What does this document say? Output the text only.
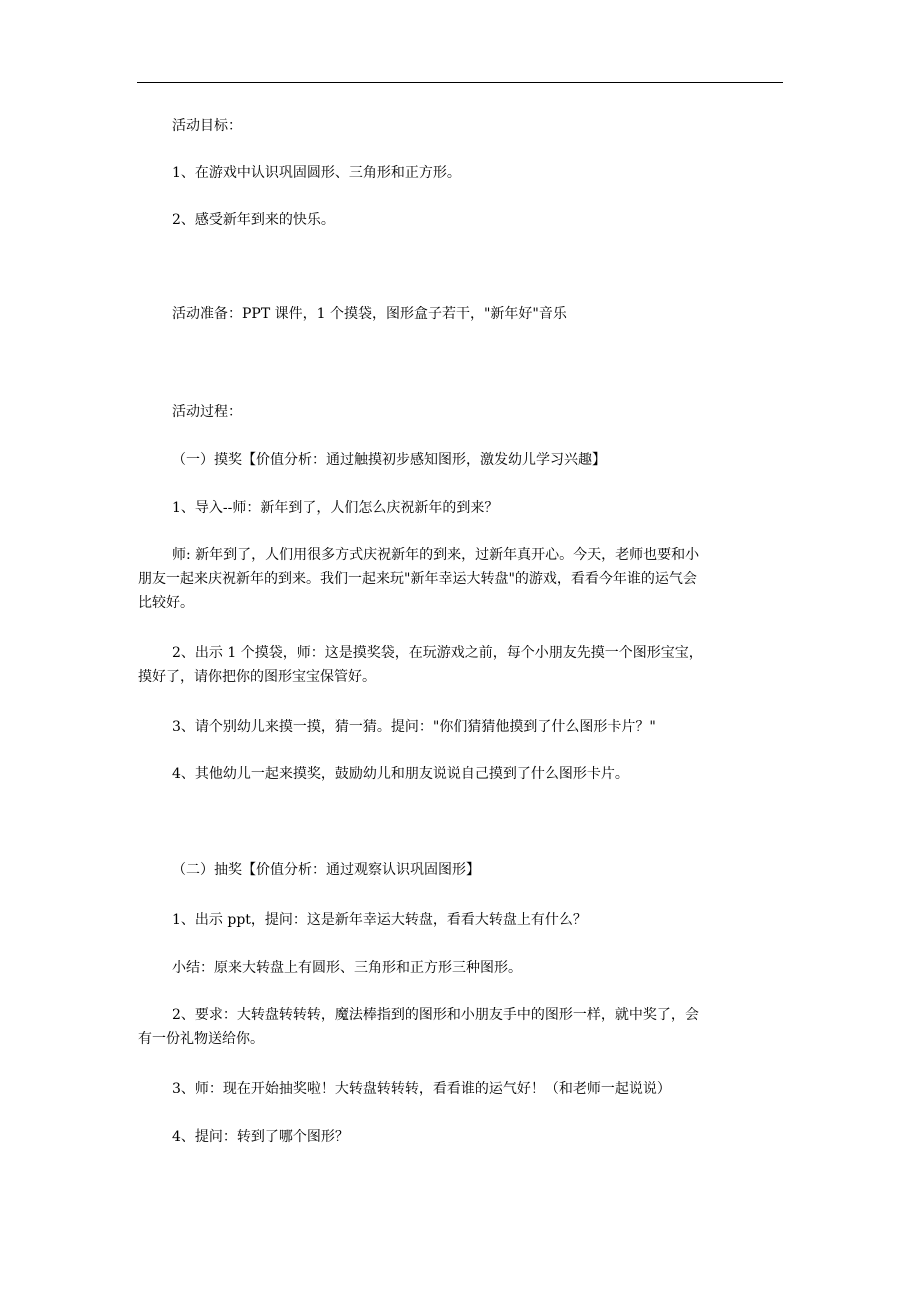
活动目标：
1、在游戏中认识巩固圆形、三角形和正方形。
2、感受新年到来的快乐。
活动准备：PPT 课件，1 个摸袋，图形盒子若干，"新年好"音乐
活动过程：
（一）摸奖【价值分析：通过触摸初步感知图形，激发幼儿学习兴趣】
1、导入--师：新年到了，人们怎么庆祝新年的到来？
师: 新年到了，人们用很多方式庆祝新年的到来，过新年真开心。今天，老师也要和小
朋友一起来庆祝新年的到来。我们一起来玩"新年幸运大转盘"的游戏，看看今年谁的运气会
比较好。
2、出示 1 个摸袋，师：这是摸奖袋，在玩游戏之前，每个小朋友先摸一个图形宝宝，
摸好了，请你把你的图形宝宝保管好。
3、请个别幼儿来摸一摸，猜一猜。提问："你们猜猜他摸到了什么图形卡片？"
4、其他幼儿一起来摸奖，鼓励幼儿和朋友说说自己摸到了什么图形卡片。
（二）抽奖【价值分析：通过观察认识巩固图形】
1、出示 ppt，提问：这是新年幸运大转盘，看看大转盘上有什么？
小结：原来大转盘上有圆形、三角形和正方形三种图形。
2、要求：大转盘转转转，魔法棒指到的图形和小朋友手中的图形一样，就中奖了，会
有一份礼物送给你。
3、师：现在开始抽奖啦！大转盘转转转，看看谁的运气好！（和老师一起说说）
4、提问：转到了哪个图形？
